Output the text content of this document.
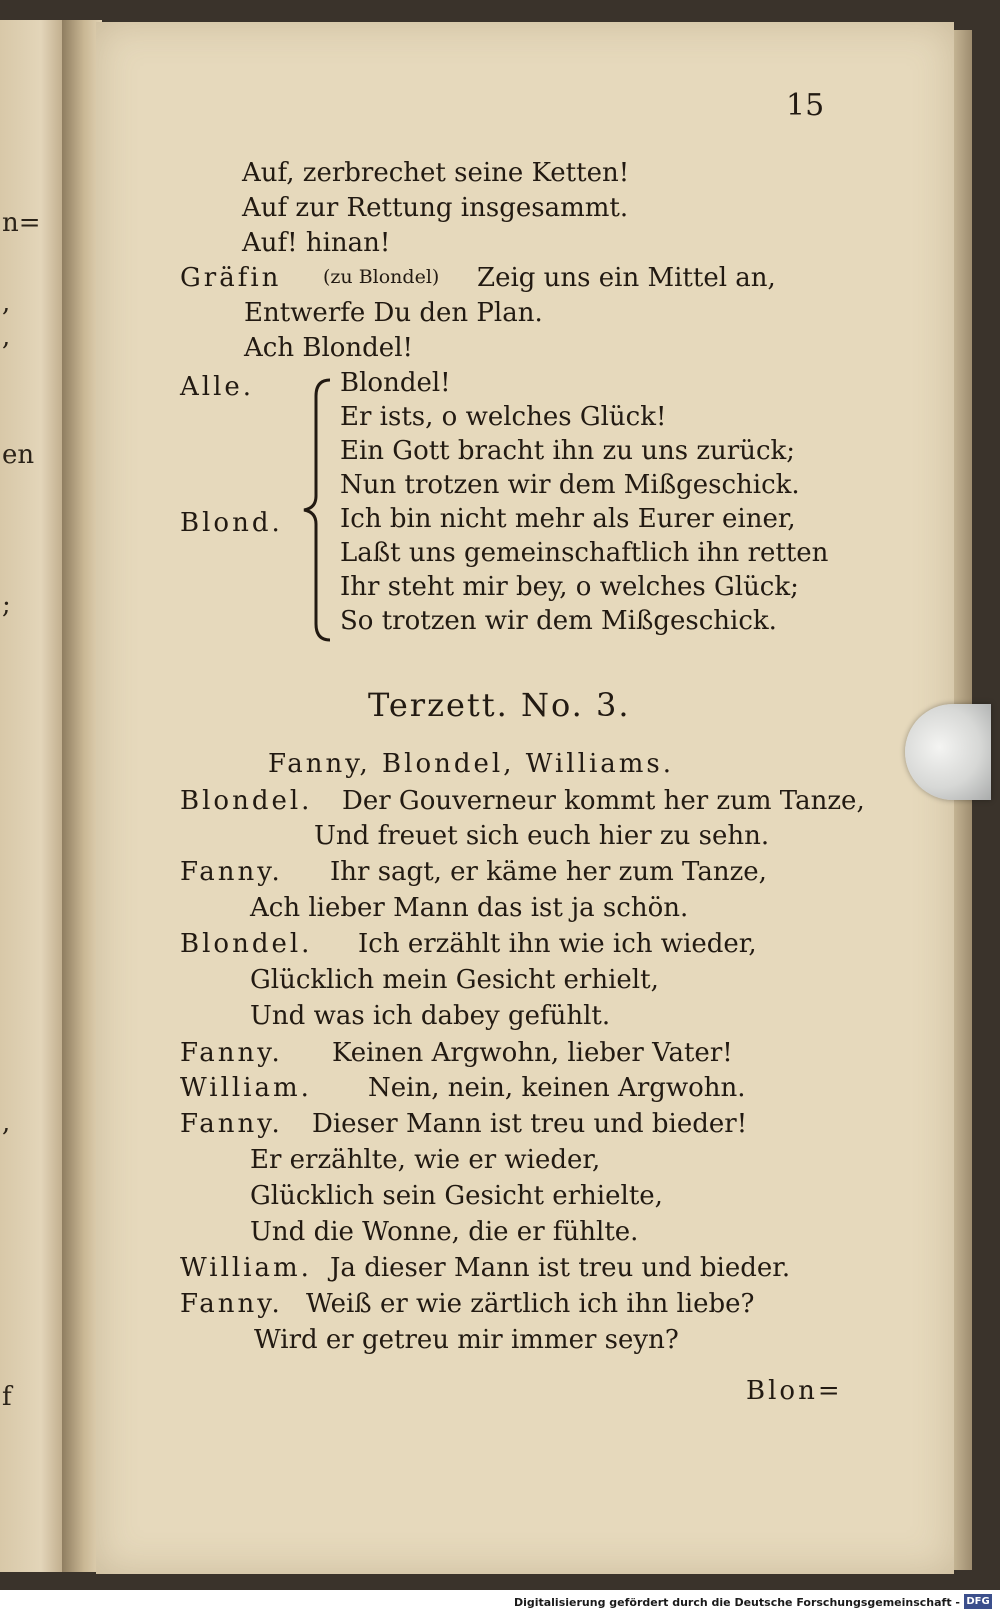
n=
,
,
en
;
,
f
15
Auf, zerbrechet seine Ketten!
Auf zur Rettung insgesammt.
Auf! hinan!
Gräfin (zu Blondel) Zeig uns ein Mittel an,
Entwerfe Du den Plan.
Ach Blondel!
Alle.
Blond.
Blondel!
Er ists, o welches Glück!
Ein Gott bracht ihn zu uns zurück;
Nun trotzen wir dem Mißgeschick.
Ich bin nicht mehr als Eurer einer,
Laßt uns gemeinschaftlich ihn retten
Ihr steht mir bey, o welches Glück;
So trotzen wir dem Mißgeschick.
Terzett. No. 3.
Fanny, Blondel, Williams.
Blondel. Der Gouverneur kommt her zum Tanze,
Und freuet sich euch hier zu sehn.
Fanny. Ihr sagt, er käme her zum Tanze,
Ach lieber Mann das ist ja schön.
Blondel. Ich erzählt ihn wie ich wieder,
Glücklich mein Gesicht erhielt,
Und was ich dabey gefühlt.
Fanny. Keinen Argwohn, lieber Vater!
William. Nein, nein, keinen Argwohn.
Fanny. Dieser Mann ist treu und bieder!
Er erzählte, wie er wieder,
Glücklich sein Gesicht erhielte,
Und die Wonne, die er fühlte.
William. Ja dieser Mann ist treu und bieder.
Fanny. Weiß er wie zärtlich ich ihn liebe?
Wird er getreu mir immer seyn?
Blon=
Digitalisierung gefördert durch die Deutsche Forschungsgemeinschaft - DFG
